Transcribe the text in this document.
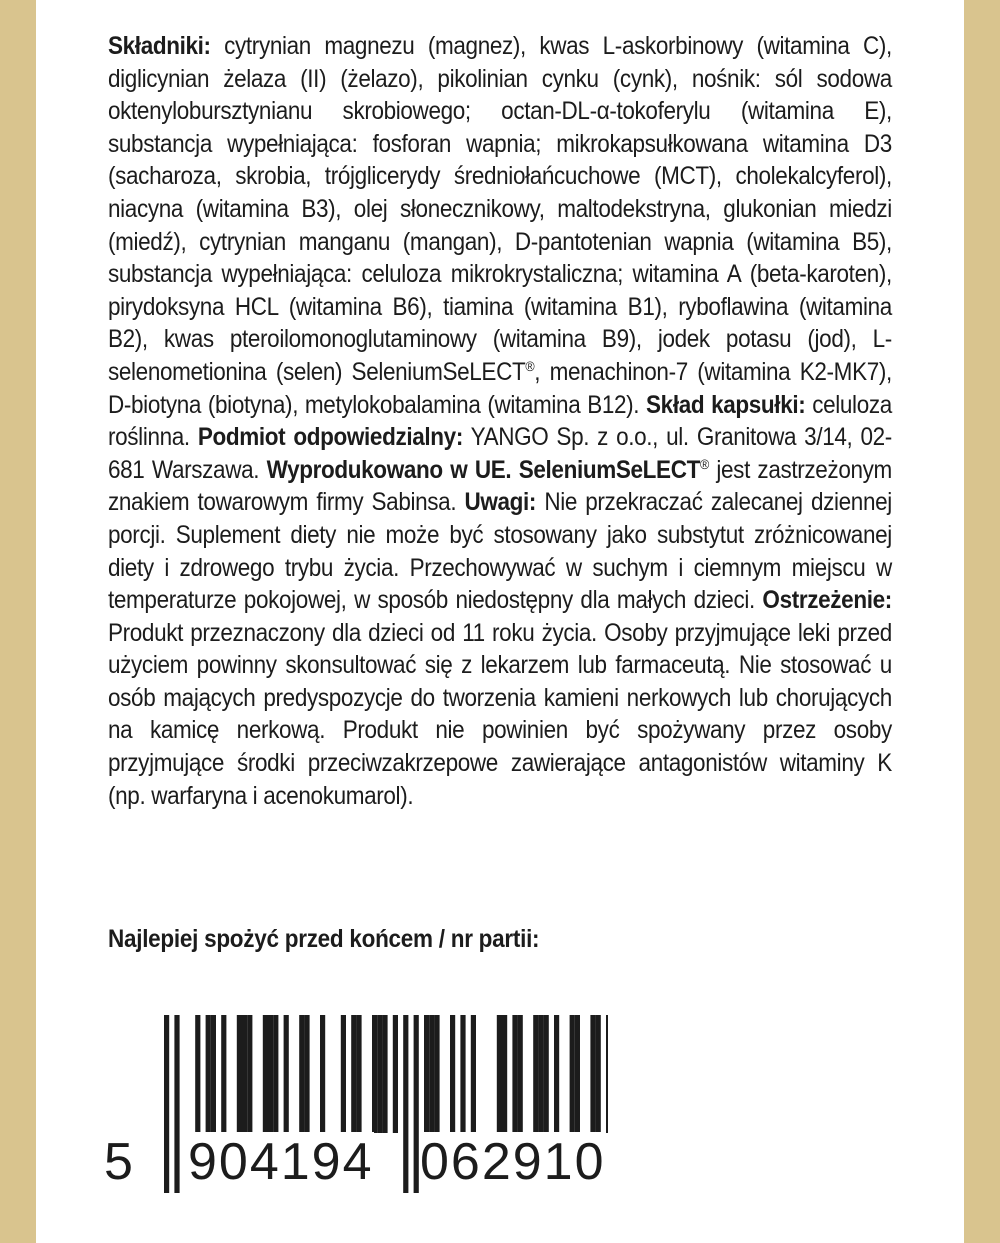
Składniki: cytrynian magnezu (magnez), kwas L-askorbinowy (witamina C), diglicynian żelaza (II) (żelazo), pikolinian cynku (cynk), nośnik: sól sodowa oktenylobursztynianu skrobiowego; octan-DL-α-tokoferylu (witamina E), substancja wypełniająca: fosforan wapnia; mikrokapsułkowana witamina D3 (sacharoza, skrobia, trójglicerydy średniołańcuchowe (MCT), cholekalcyferol), niacyna (witamina B3), olej słonecznikowy, maltodekstryna, glukonian miedzi (miedź), cytrynian manganu (mangan), D-pantotenian wapnia (witamina B5), substancja wypełniająca: celuloza mikrokrystaliczna; witamina A (beta-karoten), pirydoksyna HCL (witamina B6), tiamina (witamina B1), ryboflawina (witamina B2), kwas pteroilomonoglutaminowy (witamina B9), jodek potasu (jod), L-selenometionina (selen) SeleniumSeLECT®, menachinon-7 (witamina K2-MK7), D-biotyna (biotyna), metylokobalamina (witamina B12). Skład kapsułki: celuloza roślinna. Podmiot odpowiedzialny: YANGO Sp. z o.o., ul. Granitowa 3/14, 02-681 Warszawa. Wyprodukowano w UE. SeleniumSeLECT® jest zastrzeżonym znakiem towarowym firmy Sabinsa. Uwagi: Nie przekraczać zalecanej dziennej porcji. Suplement diety nie może być stosowany jako substytut zróżnicowanej diety i zdrowego trybu życia. Przechowywać w suchym i ciemnym miejscu w temperaturze pokojowej, w sposób niedostępny dla małych dzieci. Ostrzeżenie: Produkt przeznaczony dla dzieci od 11 roku życia. Osoby przyjmujące leki przed użyciem powinny skonsultować się z lekarzem lub farmaceutą. Nie stosować u osób mających predyspozycje do tworzenia kamieni nerkowych lub chorujących na kamicę nerkową. Produkt nie powinien być spożywany przez osoby przyjmujące środki przeciwzakrzepowe zawierające antagonistów witaminy K (np. warfaryna i acenokumarol).

Najlepiej spożyć przed końcem / nr partii:

5 904194 062910
